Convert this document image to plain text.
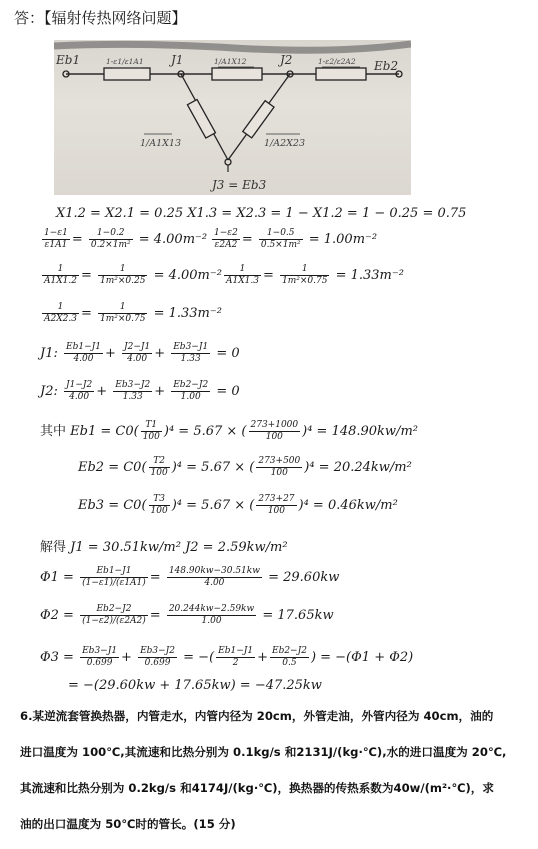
答：【辐射传热网络问题】
Eb1	J1	J2	Eb2
1-ε1/ε1A1	1/A1X12	1-ε2/ε2A2
1/A1X13	1/A2X23
J3 = Eb3
X1.2 = X2.1 = 0.25 X1.3 = X2.3 = 1 − X1.2 = 1 − 0.25 = 0.75
$\frac{1-\varepsilon 1}{\varepsilon 1A1} = \frac{1-0.2}{\text{0.2×1m²}} = 4.00m^{-2} \frac{1-\varepsilon 2}{\varepsilon 2A2} = \frac{1-0.5}{\text{0.5×1m²}} = 1.00m^{-2}$
$\frac{1}{A1X1.2} = \frac{1}{\text{1m²×0.25}} = 4.00m^{-2} \frac{1}{A1X1.3} = \frac{1}{\text{1m²×0.75}} = 1.33m^{-2}$
$\frac{1}{A2X2.3} = \frac{1}{\text{1m²×0.75}} = 1.33m^{-2}$
J1: $\frac{Eb1-J1}{4.00} + \frac{J2-J1}{4.00} + \frac{Eb3-J1}{1.33} = 0$
J2: $\frac{J1-J2}{4.00} + \frac{Eb3-J2}{1.33} + \frac{Eb2-J2}{1.00} = 0$
其中 $Eb1 = C0( \frac{T1}{100} )^4 = 5.67$ × ( $\frac{273+1000}{100} )^4 = 148.90kw/m^2$
$Eb2 = C0( \frac{T2}{100} )^4 = 5.67$ × ( $\frac{273+500}{100} )^4 = 20.24kw/m^2$
$Eb3 = C0( \frac{T3}{100} )^4 = 5.67$ × ( $\frac{273+27}{100} )^4 = 0.46kw/m^2$
解得 J1 = 30.51kw/m² J2 = 2.59kw/m²
$\Phi 1 = \frac{Eb1-J1}{(1-\varepsilon 1)/(\varepsilon 1A1)} = \frac{148.90kw-30.51kw}{4.00} = 29.60kw$
$\Phi 2 = \frac{Eb2-J2}{(1-\varepsilon 2)/(\varepsilon 2A2)} = \frac{20.244kw-2.59kw}{1.00} = 17.65kw$
$\Phi 3 = \frac{Eb3-J1}{0.699} + \frac{Eb3-J2}{0.699}$ = −( $\frac{Eb1-J1}{2} + \frac{Eb2-J2}{0.5}$ ) = −(Φ1 + Φ2)
= −(29.60kw + 17.65kw) = −47.25kw
6.某逆流套管换热器，内管走水，内管内径为 20cm，外管走油，外管内径为 40cm，油的
进口温度为 100℃,其流速和比热分别为 0.1kg/s 和2131J/(kg·℃),水的进口温度为 20℃,
其流速和比热分别为 0.2kg/s 和4174J/(kg·℃)，换热器的传热系数为40w/(m²·℃)，求
油的出口温度为 50℃时的管长。(15 分)
